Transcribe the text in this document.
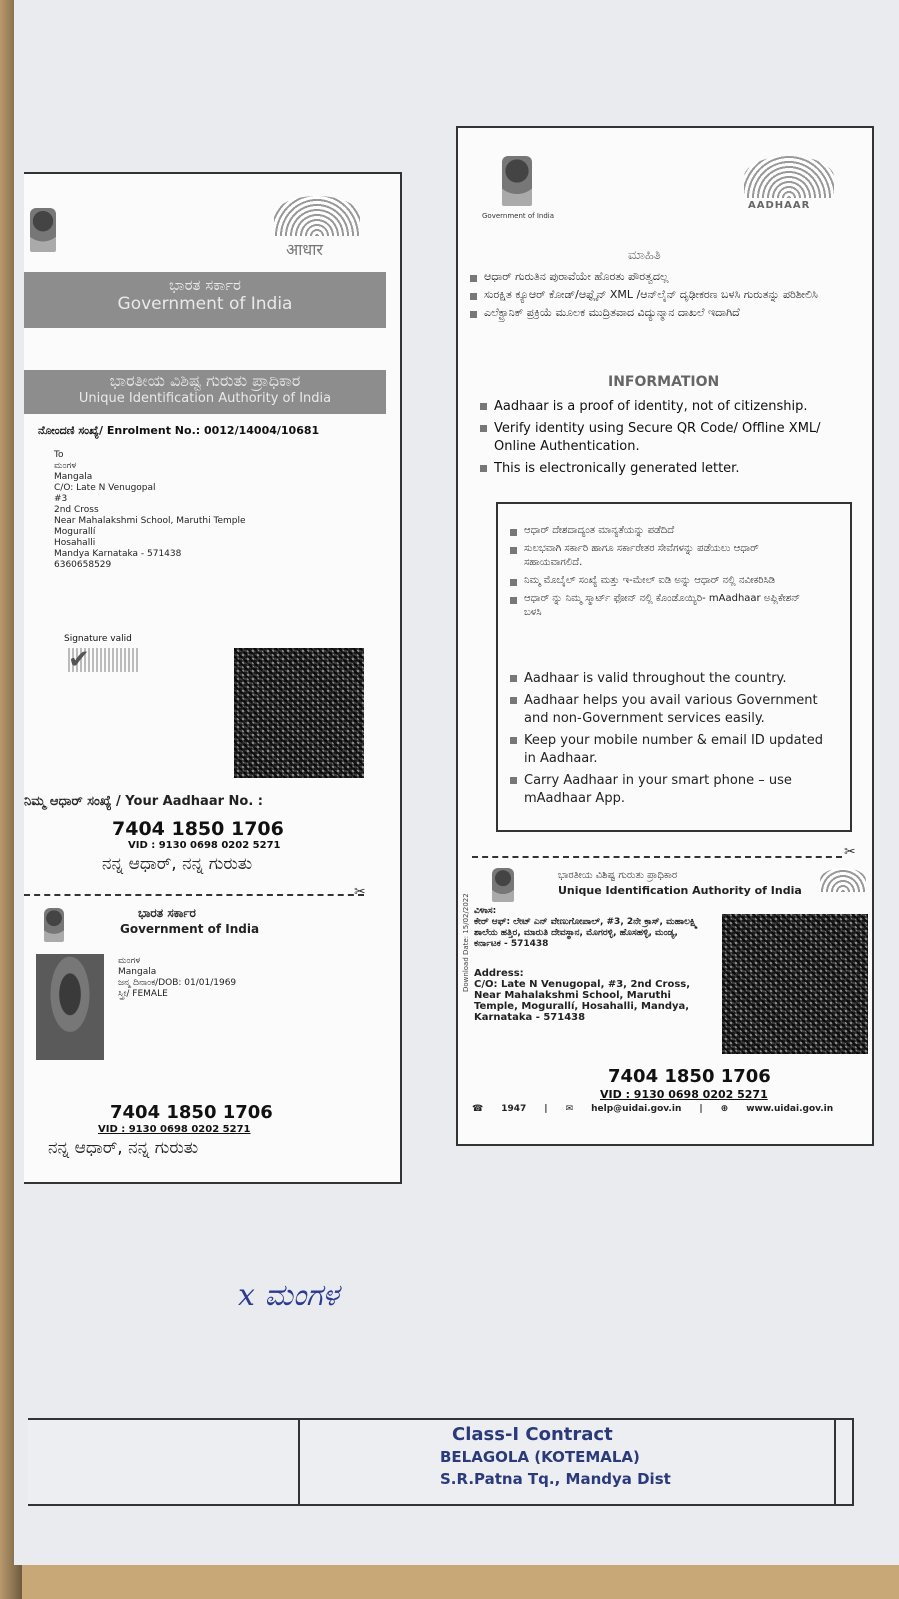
आधार
ಭಾರತ ಸರ್ಕಾರ
Government of India
ಭಾರತೀಯ ವಿಶಿಷ್ಟ ಗುರುತು ಪ್ರಾಧಿಕಾರ
Unique Identification Authority of India
ನೋಂದಣಿ ಸಂಖ್ಯೆ/ Enrolment No.: 0012/14004/10681
To
ಮಂಗಳ
Mangala
C/O: Late N Venugopal
#3
2nd Cross
Near Mahalakshmi School, Maruthi Temple
Mogurallí
Hosahalli
Mandya Karnataka - 571438
6360658529
Signature valid
✔
ನಿಮ್ಮ ಆಧಾರ್ ಸಂಖ್ಯೆ / Your Aadhaar No. :
7404 1850 1706
VID : 9130 0698 0202 5271
ನನ್ನ ಆಧಾರ್, ನನ್ನ ಗುರುತು
✂
ಭಾರತ ಸರ್ಕಾರ
Government of India
ಮಂಗಳ
Mangala
ಜನ್ಮ ದಿನಾಂಕ/DOB: 01/01/1969
ಸ್ತ್ರೀ/ FEMALE
7404 1850 1706
VID : 9130 0698 0202 5271
ನನ್ನ ಆಧಾರ್, ನನ್ನ ಗುರುತು
Government of India
AADHAAR
ಮಾಹಿತಿ
ಆಧಾರ್ ಗುರುತಿನ ಪುರಾವೆಯೇ ಹೊರತು ಪೌರತ್ವದಲ್ಲ
ಸುರಕ್ಷಿತ ಕ್ಯೂಆರ್ ಕೋಡ್/ಆಫ್ಲೈನ್ XML /ಆನ್‌ಲೈನ್ ದೃಢೀಕರಣ ಬಳಸಿ ಗುರುತನ್ನು ಪರಿಶೀಲಿಸಿ
ಎಲೆಕ್ಟ್ರಾನಿಕ್ ಪ್ರಕ್ರಿಯೆ ಮೂಲಕ ಮುದ್ರಿತವಾದ ವಿದ್ಯುನ್ಮಾನ ದಾಖಲೆ ಇದಾಗಿದೆ
INFORMATION
Aadhaar is a proof of identity, not of citizenship.
Verify identity using Secure QR Code/ Offline XML/ Online Authentication.
This is electronically generated letter.
ಆಧಾರ್ ದೇಶದಾದ್ಯಂತ ಮಾನ್ಯತೆಯನ್ನು ಪಡೆದಿದೆ
ಸುಲಭವಾಗಿ ಸರ್ಕಾರಿ ಹಾಗೂ ಸರ್ಕಾರೇತರ ಸೇವೆಗಳನ್ನು ಪಡೆಯಲು ಆಧಾರ್ ಸಹಾಯವಾಗಲಿದೆ.
ನಿಮ್ಮ ಮೊಬೈಲ್ ಸಂಖ್ಯೆ ಮತ್ತು ಇ-ಮೇಲ್ ಐಡಿ ಅನ್ನು ಆಧಾರ್ ನಲ್ಲಿ ನವೀಕರಿಸಿಡಿ
ಆಧಾರ್ ನ್ನು ನಿಮ್ಮ ಸ್ಮಾರ್ಟ್ ಫೋನ್ ನಲ್ಲಿ ಕೊಂಡೊಯ್ಯಿರಿ- mAadhaar ಅಪ್ಲಿಕೇಶನ್ ಬಳಸಿ
Aadhaar is valid throughout the country.
Aadhaar helps you avail various Government and non-Government services easily.
Keep your mobile number & email ID updated in Aadhaar.
Carry Aadhaar in your smart phone – use mAadhaar App.
✂
ಭಾರತೀಯ ವಿಶಿಷ್ಟ ಗುರುತು ಪ್ರಾಧಿಕಾರ
Unique Identification Authority of India
Download Date: 15/02/2022 ವಿಳಾಸ:
ಕೇರ್ ಆಫ್: ಲೇಟ್ ಎನ್ ವೇಣುಗೋಪಾಲ್, #3, 2ನೇ ಕ್ರಾಸ್, ಮಹಾಲಕ್ಷ್ಮಿ ಶಾಲೆಯ ಹತ್ತಿರ, ಮಾರುತಿ ದೇವಸ್ಥಾನ, ಮೊಗರಳ್ಳಿ, ಹೊಸಹಳ್ಳಿ, ಮಂಡ್ಯ, ಕರ್ನಾಟಕ - 571438
Address:
C/O: Late N Venugopal, #3, 2nd Cross, Near Mahalakshmi School, Maruthi Temple, Mogurallí, Hosahalli, Mandya, Karnataka - 571438
7404 1850 1706
VID : 9130 0698 0202 5271
☎ 1947 | ✉ help@uidai.gov.in | ⊕ www.uidai.gov.in
x ಮಂಗಳ
Class-I Contract
BELAGOLA (KOTEMALA)
S.R.Patna Tq., Mandya Dist
